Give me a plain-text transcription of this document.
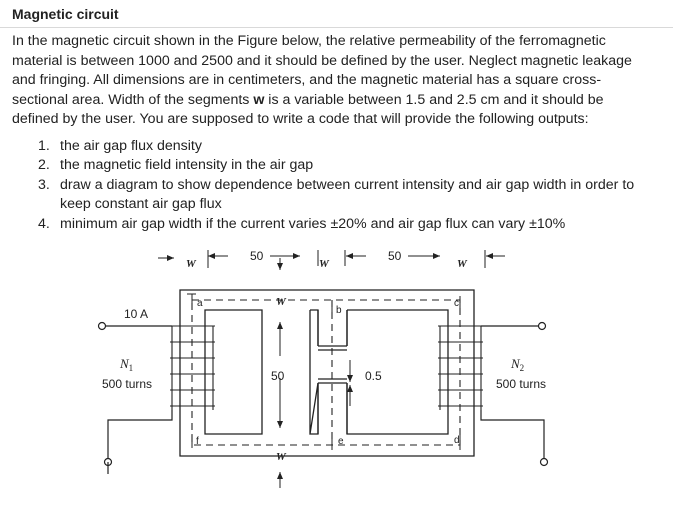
Magnetic circuit

In the magnetic circuit shown in the Figure below, the relative permeability of the ferromagnetic material is between 1000 and 2500 and it should be defined by the user. Neglect magnetic leakage and fringing. All dimensions are in centimeters, and the magnetic material has a square cross-sectional area. Width of the segments w is a variable between 1.5 and 2.5 cm and it should be defined by the user. You are supposed to write a code that will provide the following outputs:

1. the air gap flux density
2. the magnetic field intensity in the air gap
3. draw a diagram to show dependence between current intensity and air gap width in order to keep constant air gap flux
4. minimum air gap width if the current varies ±20% and air gap flux can vary ±10%
W
50
W
50
W
W
W
50	0.5
10 A
$N_1$
500 turns
$N_2$
500 turns
a
b
c
d
e
f
